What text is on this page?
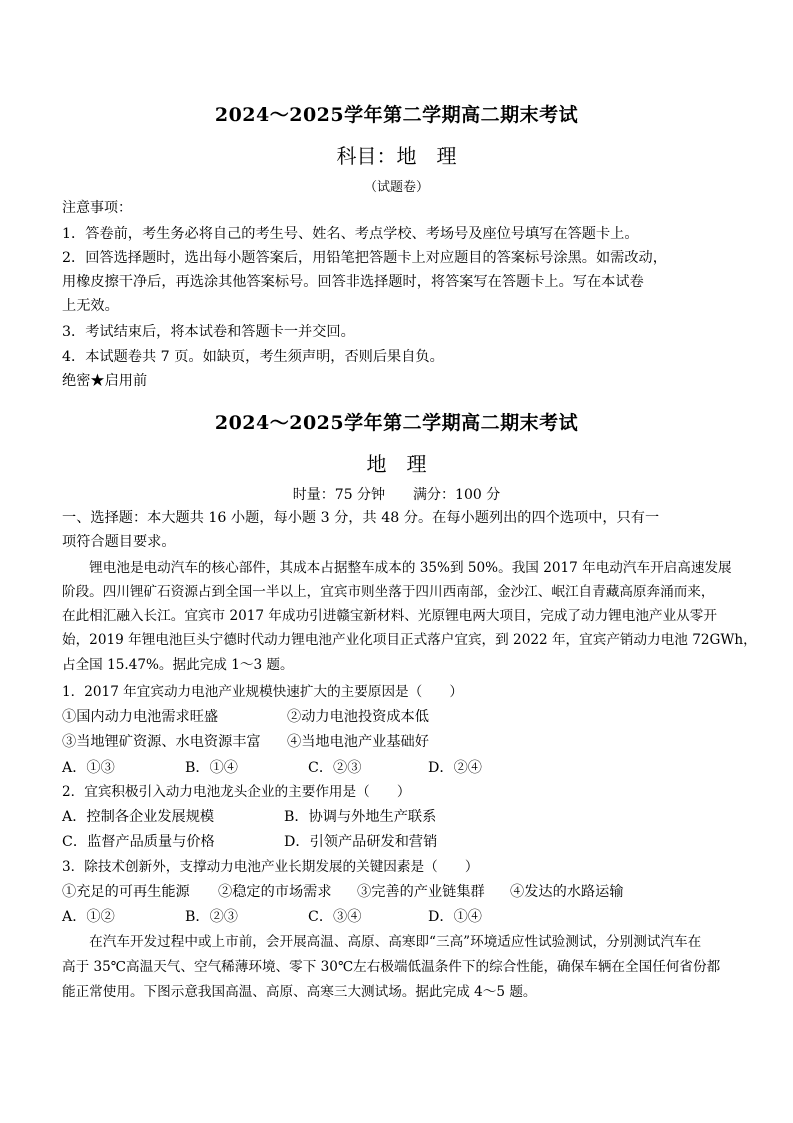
2024～2025学年第二学期高二期末考试
科目：地　理
（试题卷）
注意事项：
1．答卷前，考生务必将自己的考生号、姓名、考点学校、考场号及座位号填写在答题卡上。
2．回答选择题时，选出每小题答案后，用铅笔把答题卡上对应题目的答案标号涂黑。如需改动，
用橡皮擦干净后，再选涂其他答案标号。回答非选择题时，将答案写在答题卡上。写在本试卷
上无效。
3．考试结束后，将本试卷和答题卡一并交回。
4．本试题卷共 7 页。如缺页，考生须声明，否则后果自负。
绝密★启用前
2024～2025学年第二学期高二期末考试
地　理
时量：75 分钟　　满分：100 分
一、选择题：本大题共 16 小题，每小题 3 分，共 48 分。在每小题列出的四个选项中，只有一
项符合题目要求。
　　锂电池是电动汽车的核心部件，其成本占据整车成本的 35%到 50%。我国 2017 年电动汽车开启高速发展
阶段。四川锂矿石资源占到全国一半以上，宜宾市则坐落于四川西南部，金沙江、岷江自青藏高原奔涌而来，
在此相汇融入长江。宜宾市 2017 年成功引进赣宝新材料、光原锂电两大项目，完成了动力锂电池产业从零开
始，2019 年锂电池巨头宁德时代动力锂电池产业化项目正式落户宜宾，到 2022 年，宜宾产销动力电池 72GWh，
占全国 15.47%。据此完成 1～3 题。
1．2017 年宜宾动力电池产业规模快速扩大的主要原因是（　　）
①国内动力电池需求旺盛	②动力电池投资成本低
③当地锂矿资源、水电资源丰富 ④当地电池产业基础好
A．①③	B．①④	C．②③	D．②④
2．宜宾积极引入动力电池龙头企业的主要作用是（　　）
A．控制各企业发展规模	B．协调与外地生产联系
C．监督产品质量与价格	D．引领产品研发和营销
3．除技术创新外，支撑动力电池产业长期发展的关键因素是（　　）
①充足的可再生能源 ②稳定的市场需求 ③完善的产业链集群 ④发达的水路运输
A．①②	B．②③	C．③④	D．①④
　　在汽车开发过程中或上市前，会开展高温、高原、高寒即“三高”环境适应性试验测试，分别测试汽车在
高于 35℃高温天气、空气稀薄环境、零下 30℃左右极端低温条件下的综合性能，确保车辆在全国任何省份都
能正常使用。下图示意我国高温、高原、高寒三大测试场。据此完成 4～5 题。
